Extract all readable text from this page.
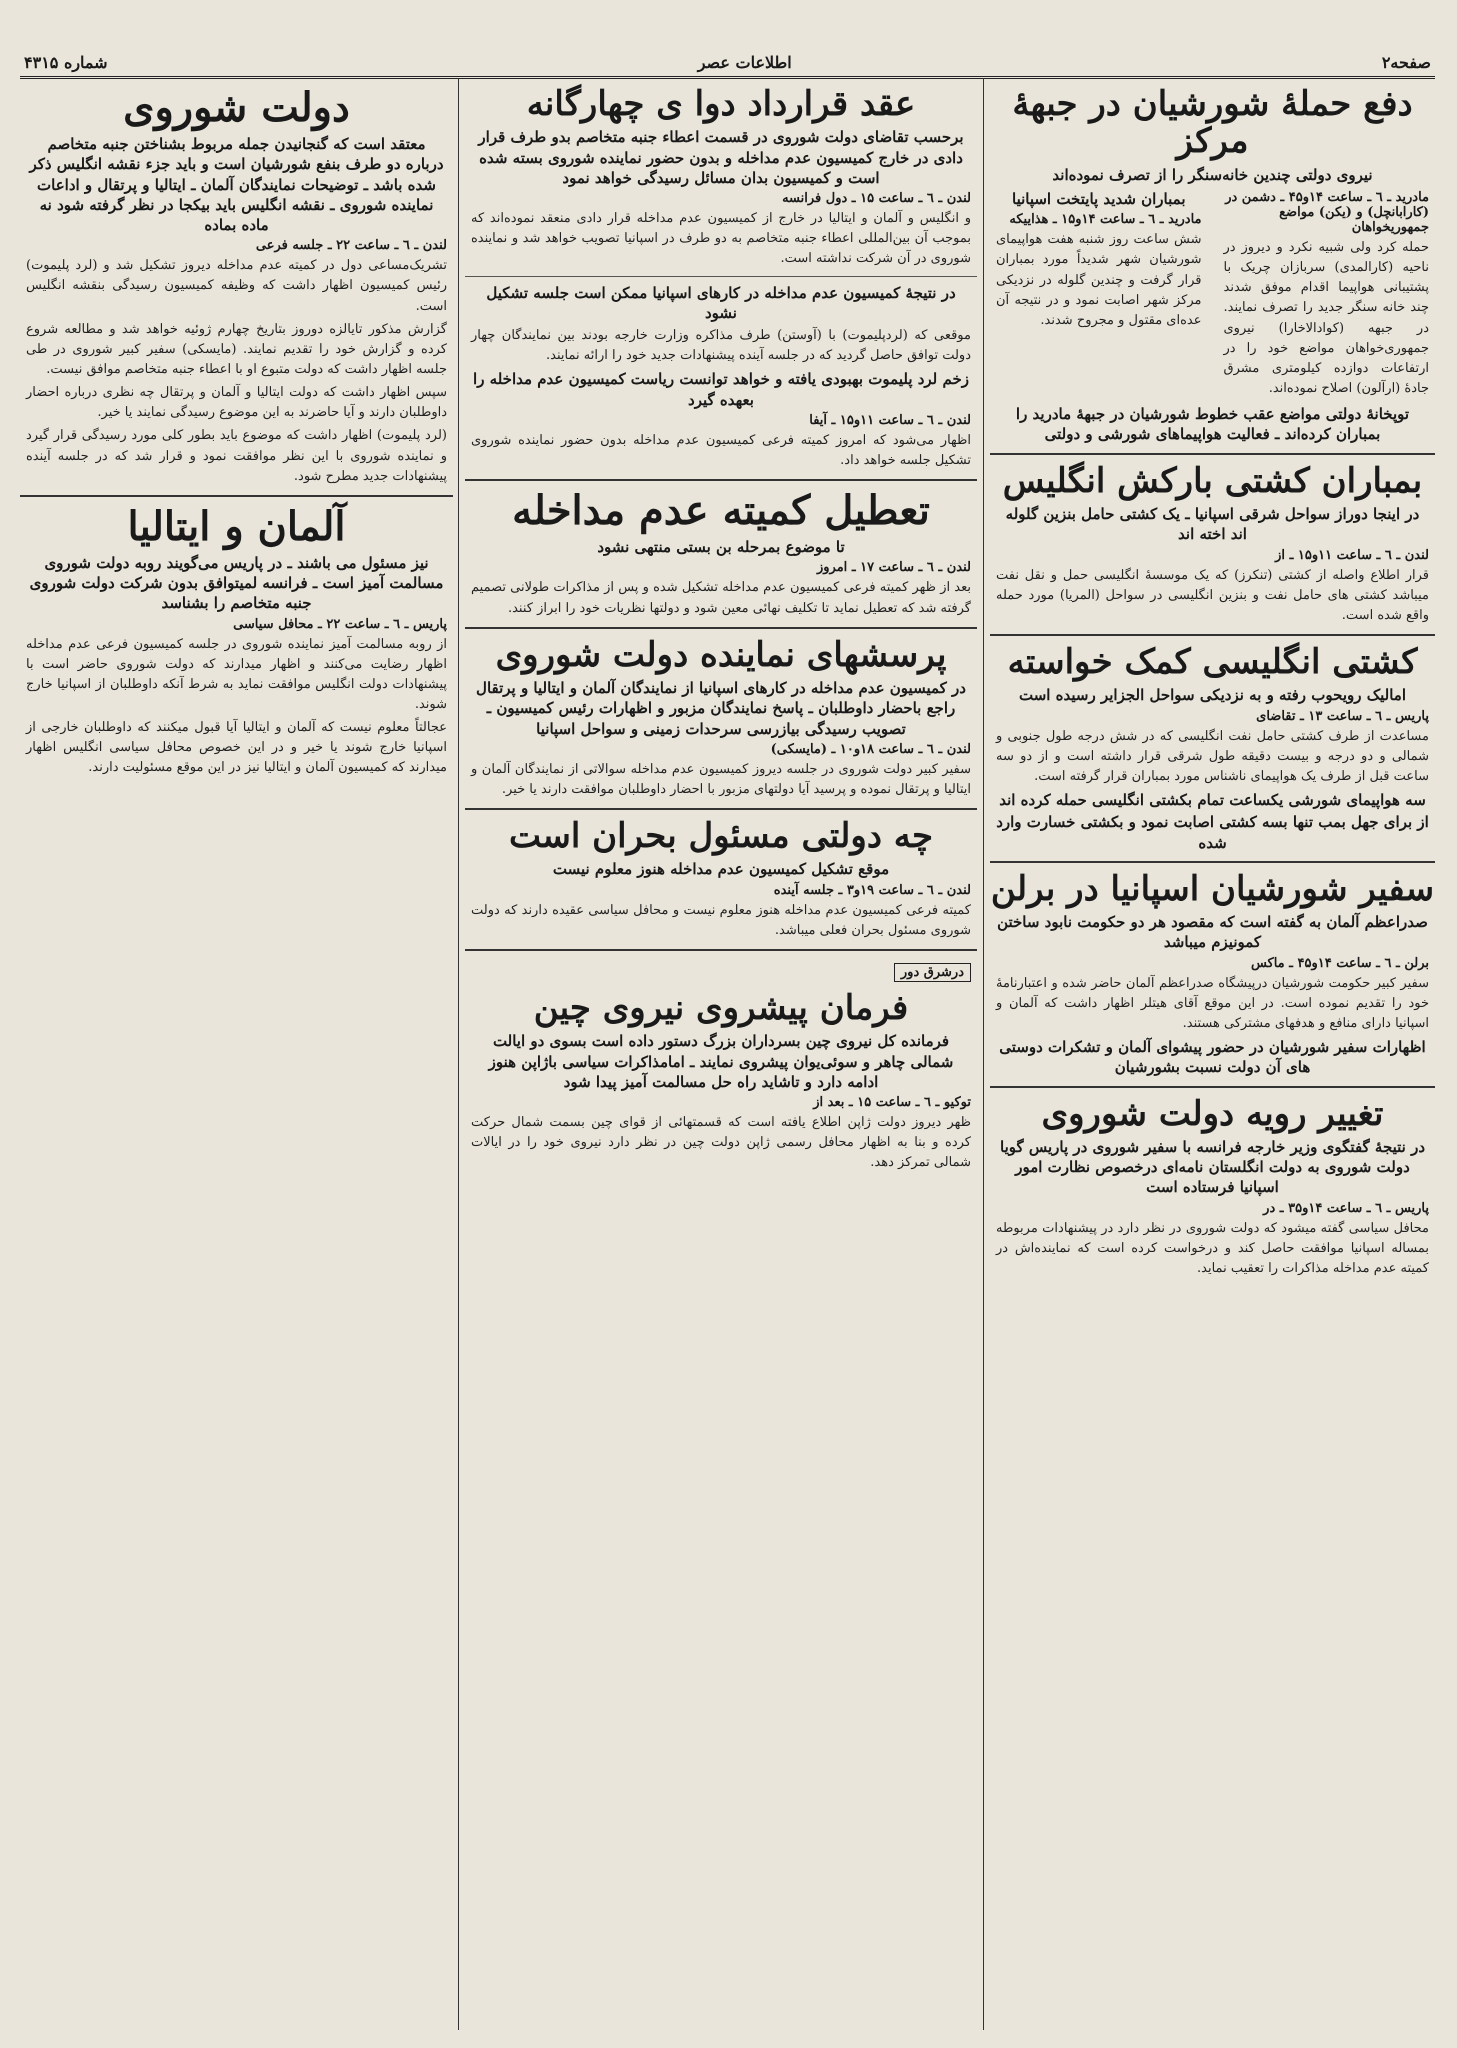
صفحه۲
اطلاعات عصر
شماره ۴۳۱۵
دفع حملهٔ شورشیان در جبههٔ مرکز
نیروی دولتی چندین خانه‌سنگر را از تصرف نموده‌اند
مادرید ـ ٦ ـ ساعت ۱۴و۴۵ ـ دشمن در (کارابانچل) و (یکن) مواضع جمهوریخواهان
حمله کرد ولی شبیه نکرد و دیروز در ناحیه (کارالمدی) سربازان چریک با پشتیبانی هواپیما اقدام موفق شدند چند خانه سنگر جدید را تصرف نمایند. در جبهه (کوادالاخارا) نیروی جمهوری‌خواهان مواضع خود را در ارتفاعات دوازده کیلومتری مشرق جادهٔ (ارآلون) اصلاح نموده‌اند.
بمباران شدید پایتخت اسپانیا
مادرید ـ ٦ ـ ساعت ۱۴و۱۵ ـ هذاییکه
شش ساعت روز شنبه هفت هواپیمای شورشیان شهر شدیداً مورد بمباران قرار گرفت و چندین گلوله در نزدیکی مرکز شهر اصابت نمود و در نتیجه آن عده‌ای مقتول و مجروح شدند.
توپخانهٔ دولتی مواضع عقب خطوط شورشیان در جبههٔ مادرید را بمباران کرده‌اند ـ فعالیت هواپیماهای شورشی و دولتی
بمباران کشتی بارکش انگلیس
در اینجا دوراز سواحل شرقی اسپانیا ـ یک کشتی حامل بنزین گلوله اند اخته اند
لندن ـ ٦ ـ ساعت ۱۱و۱۵ ـ از
قرار اطلاع واصله از کشتی (تنکرز) که یک موسسهٔ انگلیسی حمل و نقل نفت میباشد کشتی های حامل نفت و بنزین انگلیسی در سواحل (المریا) مورد حمله واقع شده است.
کشتی انگلیسی کمک خواسته
امالیک رویحوب رفته و به نزدیکی سواحل الجزایر رسیده است
پاریس ـ ٦ ـ ساعت ۱۳ ـ تقاضای
مساعدت از طرف کشتی حامل نفت انگلیسی که در شش درجه طول جنوبی و شمالی و دو درجه و بیست دقیقه طول شرقی قرار داشته است و از دو سه ساعت قبل از طرف یک هواپیمای ناشناس مورد بمباران قرار گرفته است.
سه هواپیمای شورشی یکساعت تمام بکشتی انگلیسی حمله کرده اند
از برای جهل بمب تنها بسه کشتی اصابت نمود و بکشتی خسارت وارد شده
سفیر شورشیان اسپانیا در برلن
صدراعظم آلمان به گفته است که مقصود هر دو حکومت نابود ساختن کمونیزم میباشد
برلن ـ ٦ ـ ساعت ۱۴و۴۵ ـ ماکس
سفیر کبیر حکومت شورشیان درپیشگاه صدراعظم آلمان حاضر شده و اعتبارنامهٔ خود را تقدیم نموده است. در این موقع آقای هیتلر اظهار داشت که آلمان و اسپانیا دارای منافع و هدفهای مشترکی هستند.
اظهارات سفیر شورشیان در حضور پیشوای آلمان و تشکرات دوستی های آن دولت نسبت بشورشیان
تغییر رویه دولت شوروی
در نتیجهٔ گفتگوی وزیر خارجه فرانسه با سفیر شوروی در پاریس گویا دولت شوروی به دولت انگلستان نامه‌ای درخصوص نظارت امور اسپانیا فرستاده است
پاریس ـ ٦ ـ ساعت ۱۴و۳۵ ـ در
محافل سیاسی گفته میشود که دولت شوروی در نظر دارد در پیشنهادات مربوطه بمساله اسپانیا موافقت حاصل کند و درخواست کرده است که نماینده‌اش در کمیته عدم مداخله مذاکرات را تعقیب نماید.
عقد قرارداد دوا ی چهارگانه
برحسب تقاضای دولت شوروی در قسمت اعطاء جنبه متخاصم بدو طرف قرار دادی در خارج کمیسیون عدم مداخله و بدون حضور نماینده شوروی بسته شده است و کمیسیون بدان مسائل رسیدگی خواهد نمود
لندن ـ ٦ ـ ساعت ۱۵ ـ دول فرانسه
و انگلیس و آلمان و ایتالیا در خارج از کمیسیون عدم مداخله قرار دادی منعقد نموده‌اند که بموجب آن بین‌المللی اعطاء جنبه متخاصم به دو طرف در اسپانیا تصویب خواهد شد و نماینده شوروی در آن شرکت نداشته است.
در نتیجهٔ کمیسیون عدم مداخله در کارهای اسپانیا ممکن است جلسه تشکیل نشود
موقعی که (لردپلیموت) با (آوستن) طرف مذاکره وزارت خارجه بودند بین نمایندگان چهار دولت توافق حاصل گردید که در جلسه آینده پیشنهادات جدید خود را ارائه نمایند.
زخم لرد پلیموت بهبودی یافته و خواهد توانست ریاست کمیسیون عدم مداخله را بعهده گیرد
لندن ـ ٦ ـ ساعت ۱۱و۱۵ ـ آیفا
اظهار می‌شود که امروز کمیته فرعی کمیسیون عدم مداخله بدون حضور نماینده شوروی تشکیل جلسه خواهد داد.
تعطیل کمیته عدم مداخله
تا موضوع بمرحله بن بستی منتهی نشود
لندن ـ ٦ ـ ساعت ۱۷ ـ امروز
بعد از ظهر کمیته فرعی کمیسیون عدم مداخله تشکیل شده و پس از مذاکرات طولانی تصمیم گرفته شد که تعطیل نماید تا تکلیف نهائی معین شود و دولتها نظریات خود را ابراز کنند.
پرسشهای نماینده دولت شوروی
در کمیسیون عدم مداخله در کارهای اسپانیا از نمایندگان آلمان و ایتالیا و پرتقال راجع باحضار داوطلبان ـ پاسخ نمایندگان مزبور و اظهارات رئیس کمیسیون ـ تصویب رسیدگی بیازرسی سرحدات زمینی و سواحل اسپانیا
لندن ـ ٦ ـ ساعت ۱۸و۱۰ ـ (مایسکی)
سفیر کبیر دولت شوروی در جلسه دیروز کمیسیون عدم مداخله سوالاتی از نمایندگان آلمان و ایتالیا و پرتقال نموده و پرسید آیا دولتهای مزبور با احضار داوطلبان موافقت دارند یا خیر.
چه دولتی مسئول بحران است
موقع تشکیل کمیسیون عدم مداخله هنوز معلوم نیست
لندن ـ ٦ ـ ساعت ۱۹و۳ ـ جلسه آینده
کمیته فرعی کمیسیون عدم مداخله هنوز معلوم نیست و محافل سیاسی عقیده دارند که دولت شوروی مسئول بحران فعلی میباشد.
درشرق دور
فرمان پیشروی نیروی چین
فرمانده کل نیروی چین بسرداران بزرگ دستور داده است بسوی دو ایالت شمالی چاهر و سوئی‌یوان پیشروی نمایند ـ امامذاکرات سیاسی باژاپن هنوز ادامه دارد و تاشاید راه حل مسالمت آمیز پیدا شود
توکیو ـ ٦ ـ ساعت ۱۵ ـ بعد از
ظهر دیروز دولت ژاپن اطلاع یافته است که قسمتهائی از قوای چین بسمت شمال حرکت کرده و بنا به اظهار محافل رسمی ژاپن دولت چین در نظر دارد نیروی خود را در ایالات شمالی تمرکز دهد.
دولت شوروی
معتقد است که گنجانیدن جمله مربوط بشناختن جنبه متخاصم درباره دو طرف بنفع شورشیان است و باید جزء نقشه انگلیس ذکر شده باشد ـ توضیحات نمایندگان آلمان ـ ایتالیا و پرتقال و اداعات نماینده شوروی ـ نقشه انگلیس باید بیکجا در نظر گرفته شود نه ماده بماده
لندن ـ ٦ ـ ساعت ۲۲ ـ جلسه فرعی
تشریک‌مساعی دول در کمیته عدم مداخله دیروز تشکیل شد و (لرد پلیموت) رئیس کمیسیون اظهار داشت که وظیفه کمیسیون رسیدگی بنقشه انگلیس است.
گزارش مذکور تایالزه دوروز بتاریخ چهارم ژوئیه خواهد شد و مطالعه شروع کرده و گزارش خود را تقدیم نمایند. (مایسکی) سفیر کبیر شوروی در طی جلسه اظهار داشت که دولت متبوع او با اعطاء جنبه متخاصم موافق نیست.
سپس اظهار داشت که دولت ایتالیا و آلمان و پرتقال چه نظری درباره احضار داوطلبان دارند و آیا حاضرند به این موضوع رسیدگی نمایند یا خیر.
(لرد پلیموت) اظهار داشت که موضوع باید بطور کلی مورد رسیدگی قرار گیرد و نماینده شوروی با این نظر موافقت نمود و قرار شد که در جلسه آینده پیشنهادات جدید مطرح شود.
آلمان و ایتالیا
نیز مسئول می باشند ـ در پاریس می‌گویند روبه دولت شوروی مسالمت آمیز است ـ فرانسه لمیتوافق بدون شرکت دولت شوروی جنبه متخاصم را بشناسد
پاریس ـ ٦ ـ ساعت ۲۲ ـ محافل سیاسی
از روبه مسالمت آمیز نماینده شوروی در جلسه کمیسیون فرعی عدم مداخله اظهار رضایت می‌کنند و اظهار میدارند که دولت شوروی حاضر است با پیشنهادات دولت انگلیس موافقت نماید به شرط آنکه داوطلبان از اسپانیا خارج شوند.
عجالتاً معلوم نیست که آلمان و ایتالیا آیا قبول میکنند که داوطلبان خارجی از اسپانیا خارج شوند یا خیر و در این خصوص محافل سیاسی انگلیس اظهار میدارند که کمیسیون آلمان و ایتالیا نیز در این موقع مسئولیت دارند.
